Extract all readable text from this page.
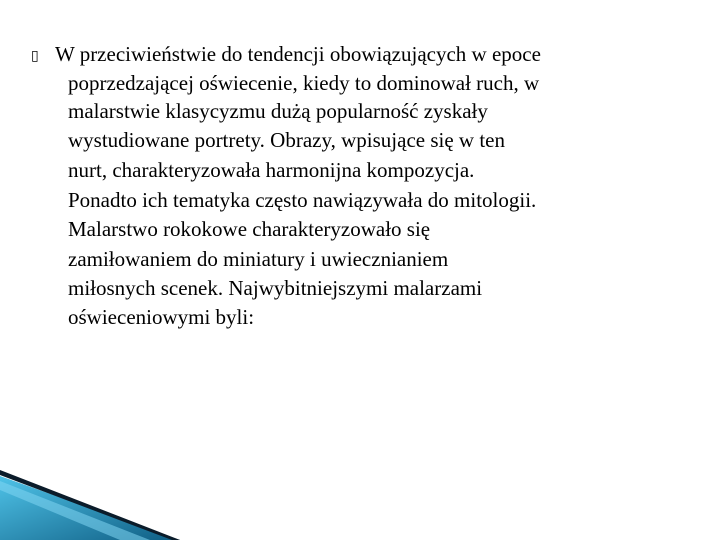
▯ W przeciwieństwie do tendencji obowiązujących w epoce
poprzedzającej oświecenie, kiedy to dominował ruch, w
malarstwie klasycyzmu dużą popularność zyskały
wystudiowane portrety. Obrazy, wpisujące się w ten
nurt, charakteryzowała harmonijna kompozycja.
Ponadto ich tematyka często nawiązywała do mitologii.
Malarstwo rokokowe charakteryzowało się
zamiłowaniem do miniatury i uwiecznianiem
miłosnych scenek. Najwybitniejszymi malarzami
oświeceniowymi byli:
